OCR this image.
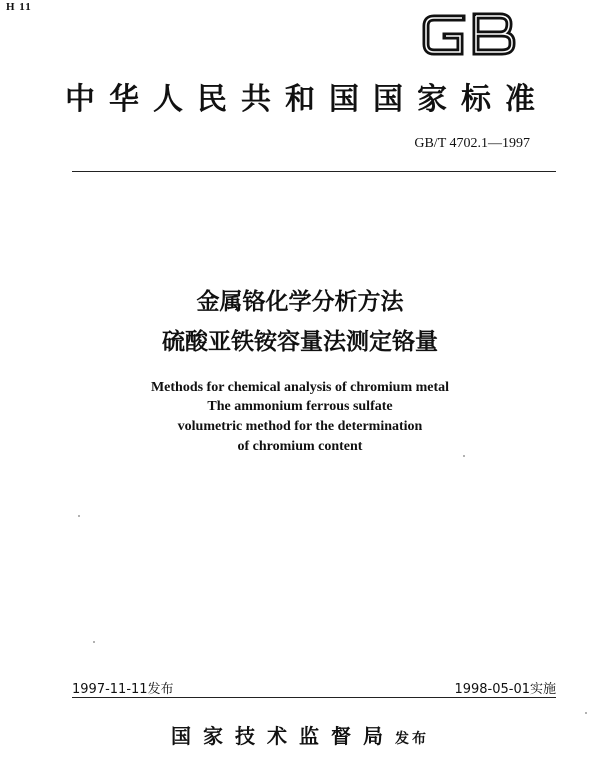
H 11
中华人民共和国国家标准
GB/T 4702.1—1997
金属铬化学分析方法
硫酸亚铁铵容量法测定铬量
Methods for chemical analysis of chromium metal
The ammonium ferrous sulfate
volumetric method for the determination
of chromium content
1997-11-11发布	1998-05-01实施
国家技术监督局发布
